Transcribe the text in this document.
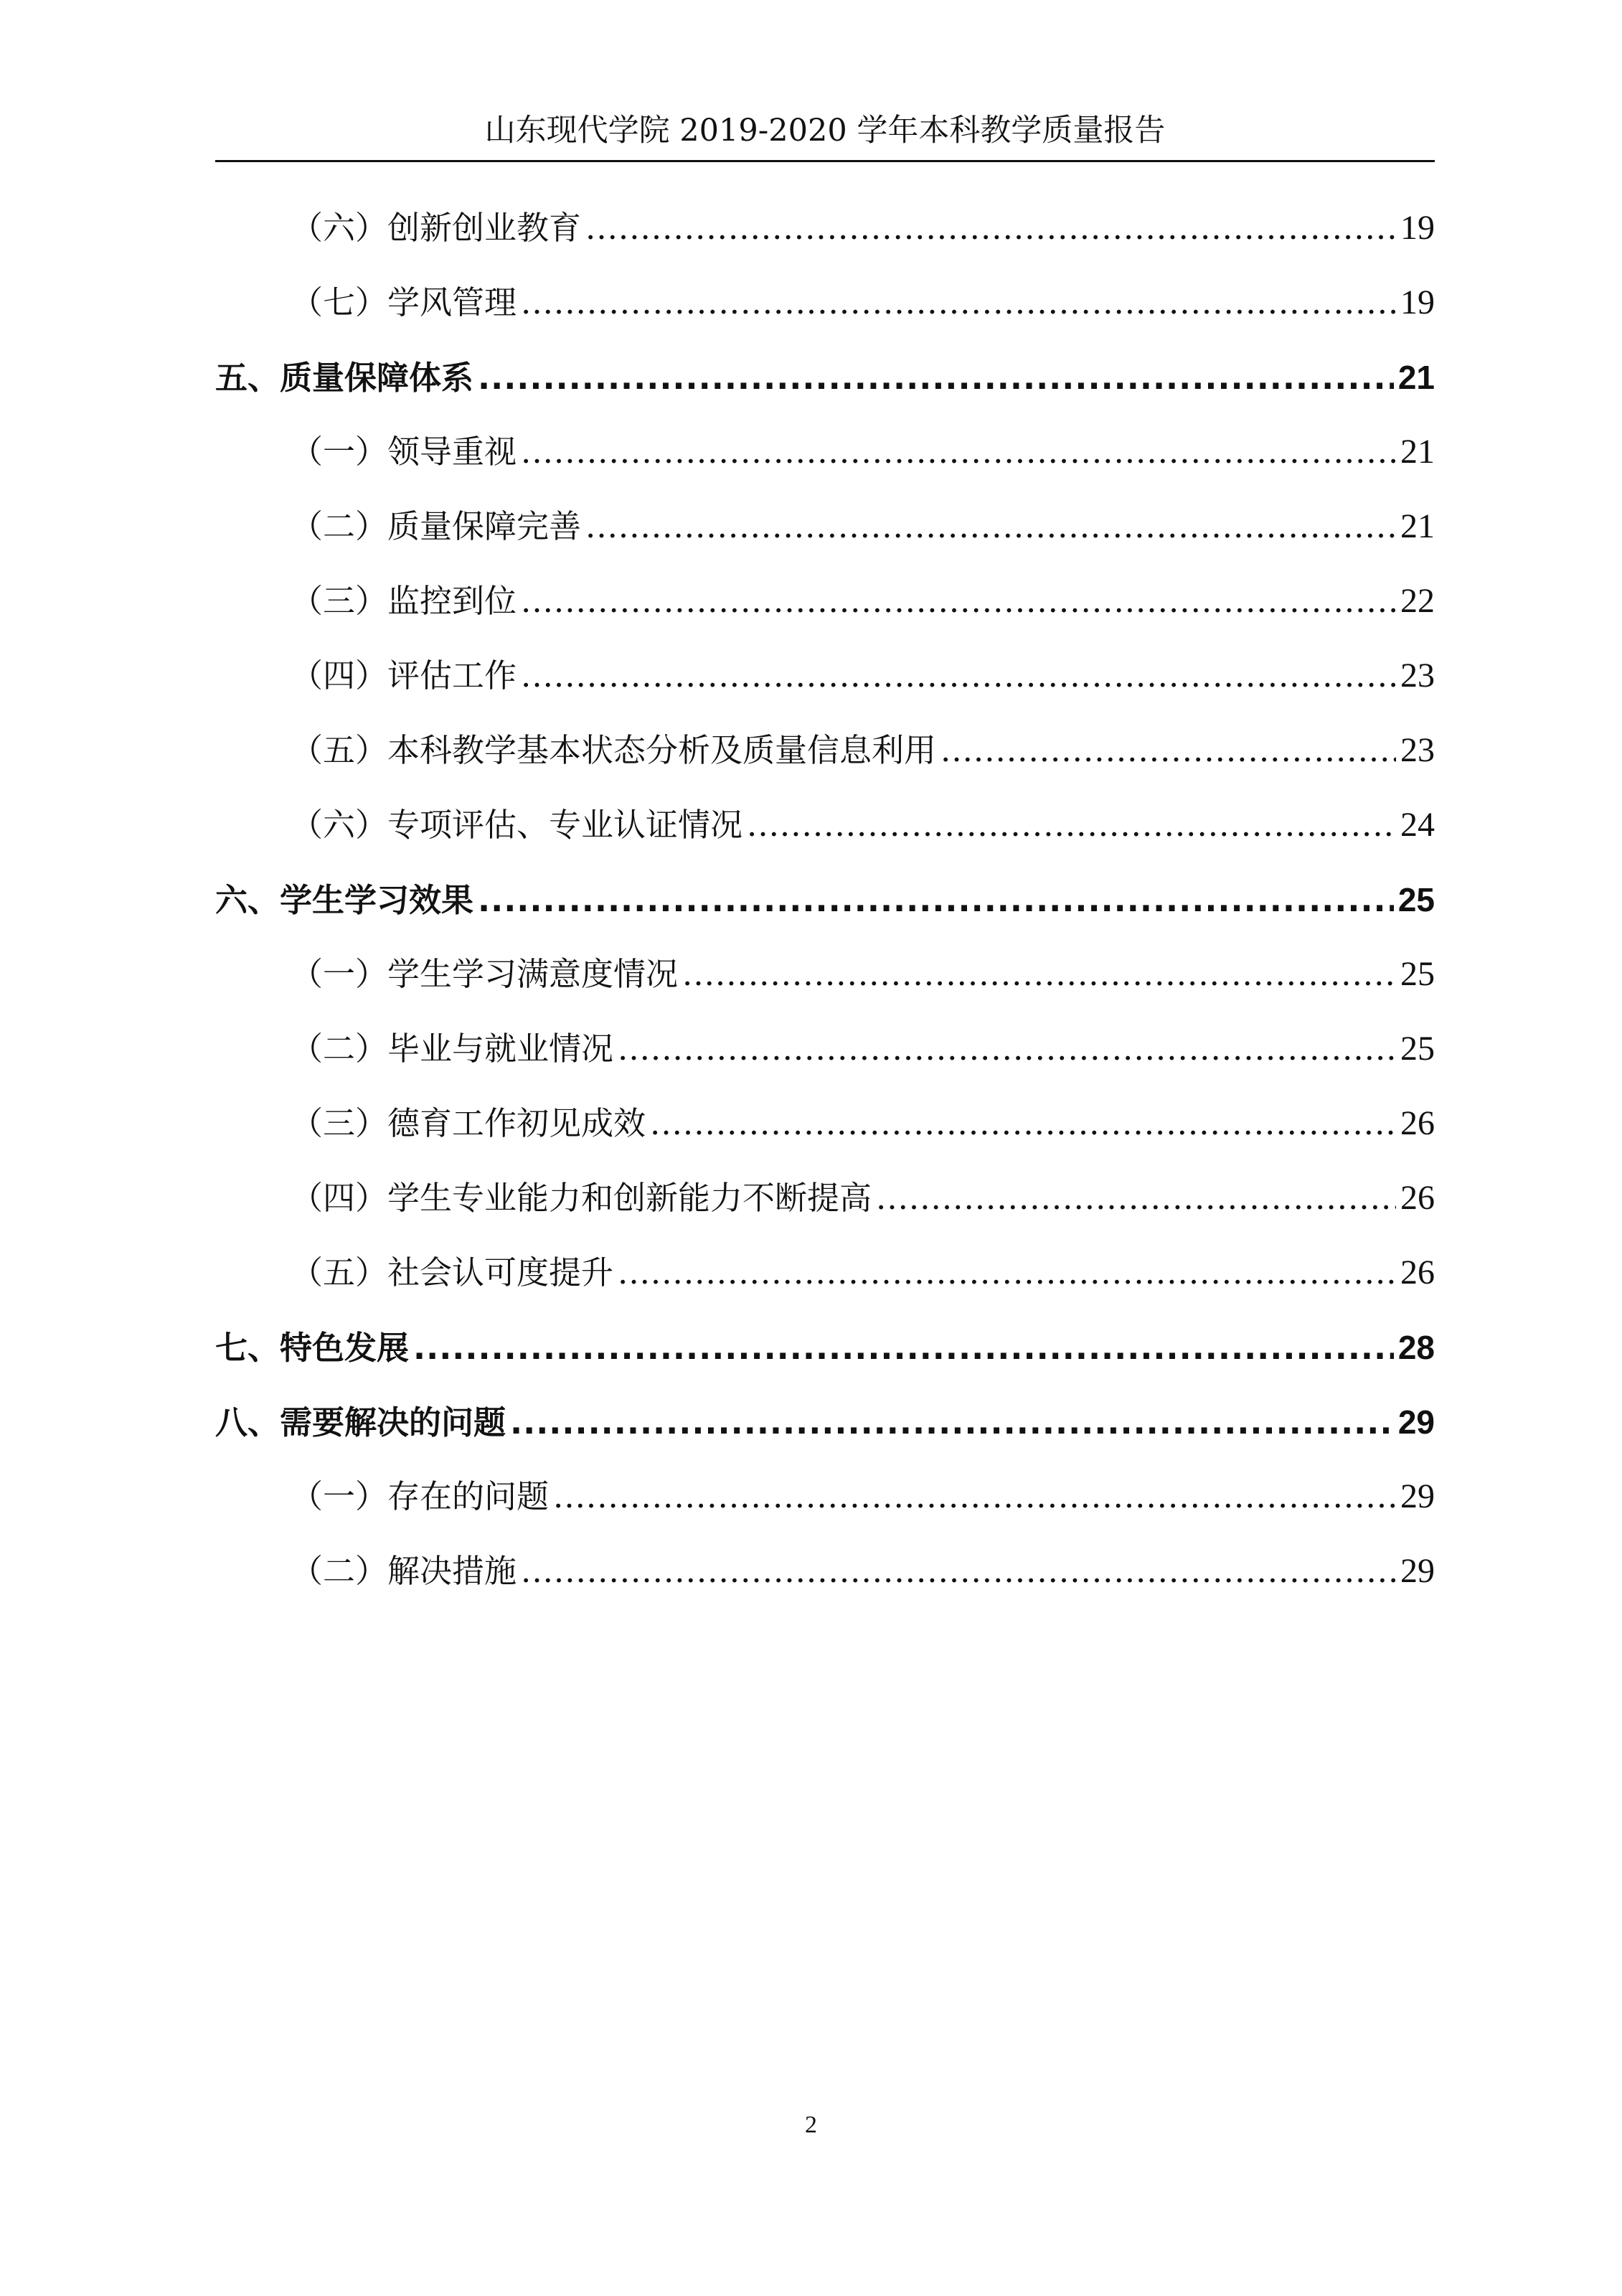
山东现代学院 2019-2020 学年本科教学质量报告
（六）创新创业教育 .....	19
（七）学风管理 .....	19
五、质量保障体系 .....	21
（一）领导重视 .....	21
（二）质量保障完善 .....	21
（三）监控到位 .....	22
（四）评估工作 .....	23
（五）本科教学基本状态分析及质量信息利用 .....	23
（六）专项评估、专业认证情况 .....	24
六、学生学习效果 .....	25
（一）学生学习满意度情况 .....	25
（二）毕业与就业情况 .....	25
（三）德育工作初见成效 .....	26
（四）学生专业能力和创新能力不断提高 .....	26
（五）社会认可度提升 .....	26
七、特色发展 .....	28
八、需要解决的问题 .....	29
（一）存在的问题 .....	29
（二）解决措施 .....	29
2
